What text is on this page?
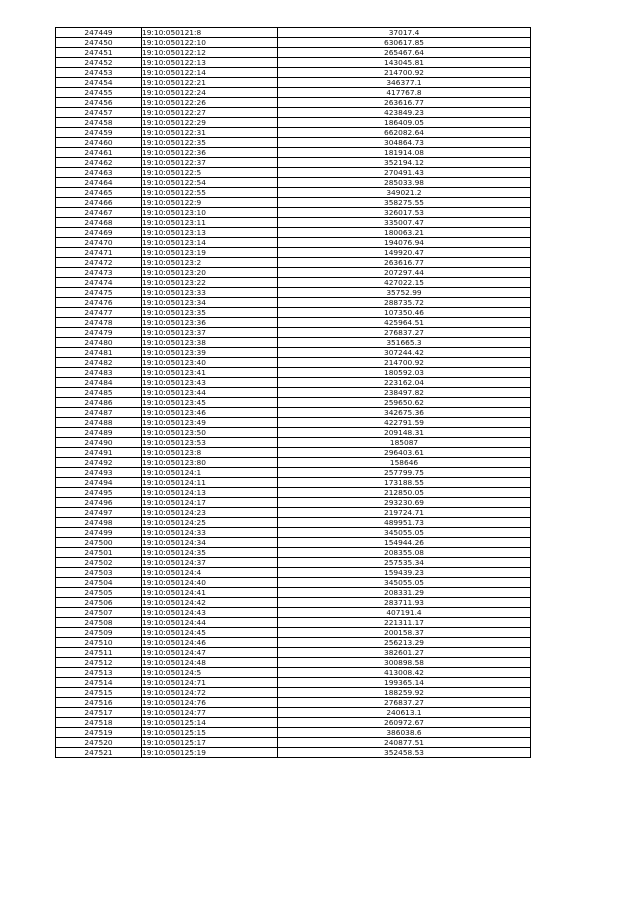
247449	19:10:050121:8	37017.4
247450	19:10:050122:10	630617.85
247451	19:10:050122:12	265467.64
247452	19:10:050122:13	143045.81
247453	19:10:050122:14	214700.92
247454	19:10:050122:21	346377.1
247455	19:10:050122:24	417767.8
247456	19:10:050122:26	263616.77
247457	19:10:050122:27	423849.23
247458	19:10:050122:29	186409.05
247459	19:10:050122:31	662082.64
247460	19:10:050122:35	304864.73
247461	19:10:050122:36	181914.08
247462	19:10:050122:37	352194.12
247463	19:10:050122:5	270491.43
247464	19:10:050122:54	285033.98
247465	19:10:050122:55	349021.2
247466	19:10:050122:9	358275.55
247467	19:10:050123:10	326017.53
247468	19:10:050123:11	335007.47
247469	19:10:050123:13	180063.21
247470	19:10:050123:14	194076.94
247471	19:10:050123:19	149920.47
247472	19:10:050123:2	263616.77
247473	19:10:050123:20	207297.44
247474	19:10:050123:22	427022.15
247475	19:10:050123:33	35752.99
247476	19:10:050123:34	288735.72
247477	19:10:050123:35	107350.46
247478	19:10:050123:36	425964.51
247479	19:10:050123:37	276837.27
247480	19:10:050123:38	351665.3
247481	19:10:050123:39	307244.42
247482	19:10:050123:40	214700.92
247483	19:10:050123:41	180592.03
247484	19:10:050123:43	223162.04
247485	19:10:050123:44	238497.82
247486	19:10:050123:45	259650.62
247487	19:10:050123:46	342675.36
247488	19:10:050123:49	422791.59
247489	19:10:050123:50	209148.31
247490	19:10:050123:53	185087
247491	19:10:050123:8	296403.61
247492	19:10:050123:80	158646
247493	19:10:050124:1	257799.75
247494	19:10:050124:11	173188.55
247495	19:10:050124:13	212850.05
247496	19:10:050124:17	293230.69
247497	19:10:050124:23	219724.71
247498	19:10:050124:25	489951.73
247499	19:10:050124:33	345055.05
247500	19:10:050124:34	154944.26
247501	19:10:050124:35	208355.08
247502	19:10:050124:37	257535.34
247503	19:10:050124:4	159439.23
247504	19:10:050124:40	345055.05
247505	19:10:050124:41	208331.29
247506	19:10:050124:42	283711.93
247507	19:10:050124:43	407191.4
247508	19:10:050124:44	221311.17
247509	19:10:050124:45	200158.37
247510	19:10:050124:46	256213.29
247511	19:10:050124:47	382601.27
247512	19:10:050124:48	300898.58
247513	19:10:050124:5	413008.42
247514	19:10:050124:71	199365.14
247515	19:10:050124:72	188259.92
247516	19:10:050124:76	276837.27
247517	19:10:050124:77	240613.1
247518	19:10:050125:14	260972.67
247519	19:10:050125:15	386038.6
247520	19:10:050125:17	240877.51
247521	19:10:050125:19	352458.53
